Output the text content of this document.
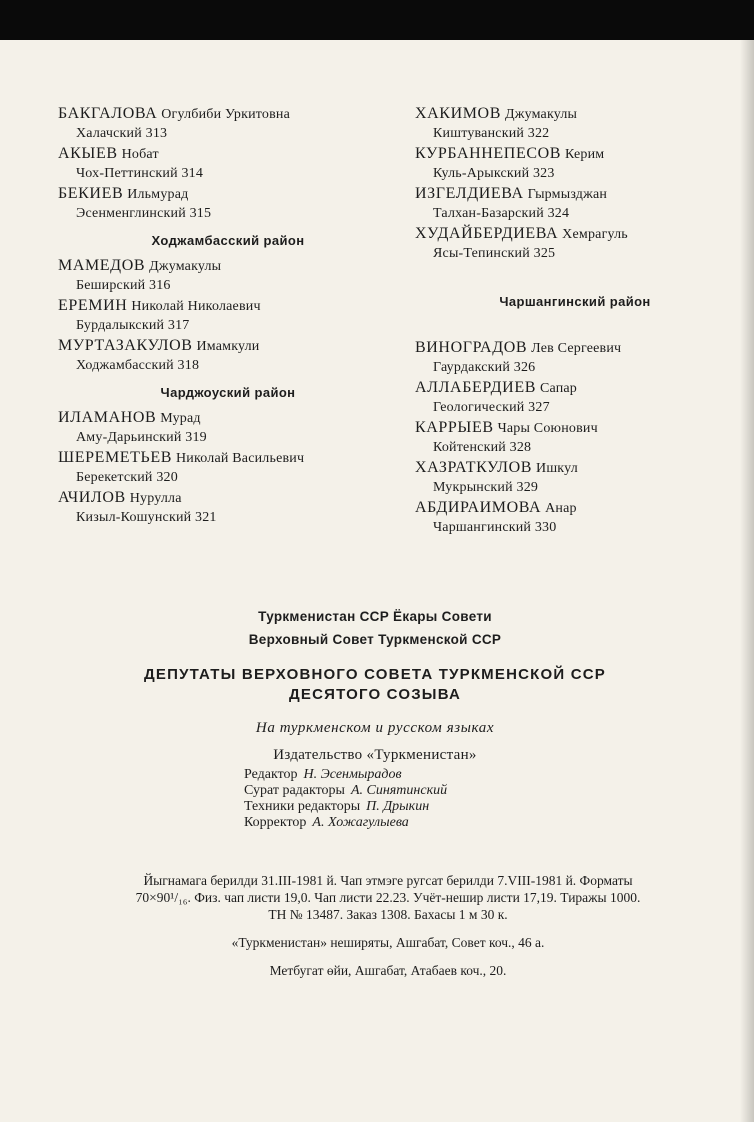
БАКГАЛОВА Огулбиби Уркитовна
Халачский 313
АКЫЕВ Нобат
Чох-Петтинский 314
БЕКИЕВ Ильмурад
Эсенменглинский 315
Ходжамбасский район
МАМЕДОВ Джумакулы
Беширский 316
ЕРЕМИН Николай Николаевич
Бурдалыкский 317
МУРТАЗАКУЛОВ Имамкули
Ходжамбасский 318
Чарджоуский район
ИЛАМАНОВ Мурад
Аму-Дарьинский 319
ШЕРЕМЕТЬЕВ Николай Васильевич
Берекетский 320
АЧИЛОВ Нурулла
Кизыл-Кошунский 321
ХАКИМОВ Джумакулы
Киштуванский 322
КУРБАННЕПЕСОВ Керим
Куль-Арыкский 323
ИЗГЕЛДИЕВА Гырмызджан
Талхан-Базарский 324
ХУДАЙБЕРДИЕВА Хемрагуль
Ясы-Тепинский 325
Чаршангинский район
ВИНОГРАДОВ Лев Сергеевич
Гаурдакский 326
АЛЛАБЕРДИЕВ Сапар
Геологический 327
КАРРЫЕВ Чары Союнович
Койтенский 328
ХАЗРАТКУЛОВ Ишкул
Мукрынский 329
АБДИРАИМОВА Анар
Чаршангинский 330
Туркменистан ССР Ёкары Совети
Верховный Совет Туркменской ССР
ДЕПУТАТЫ ВЕРХОВНОГО СОВЕТА ТУРКМЕНСКОЙ ССР
ДЕСЯТОГО СОЗЫВА
На туркменском и русском языках
Издательство «Туркменистан»
Редактор Н. Эсенмырадов
Сурат радакторы А. Синятинский
Техники редакторы П. Дрыкин
Корректор А. Хожагулыева
Йыгнамага берилди 31.III-1981 й. Чап этмэге ругсат берилди 7.VIII-1981 й. Форматы
70×90¹/₁₆. Физ. чап листи 19,0. Чап листи 22.23. Учёт-нешир листи 17,19. Тиражы 1000.
ТН № 13487. Заказ 1308. Бахасы 1 м 30 к.
«Туркменистан» неширяты, Ашгабат, Совет коч., 46 а.
Метбугат өйи, Ашгабат, Атабаев коч., 20.
